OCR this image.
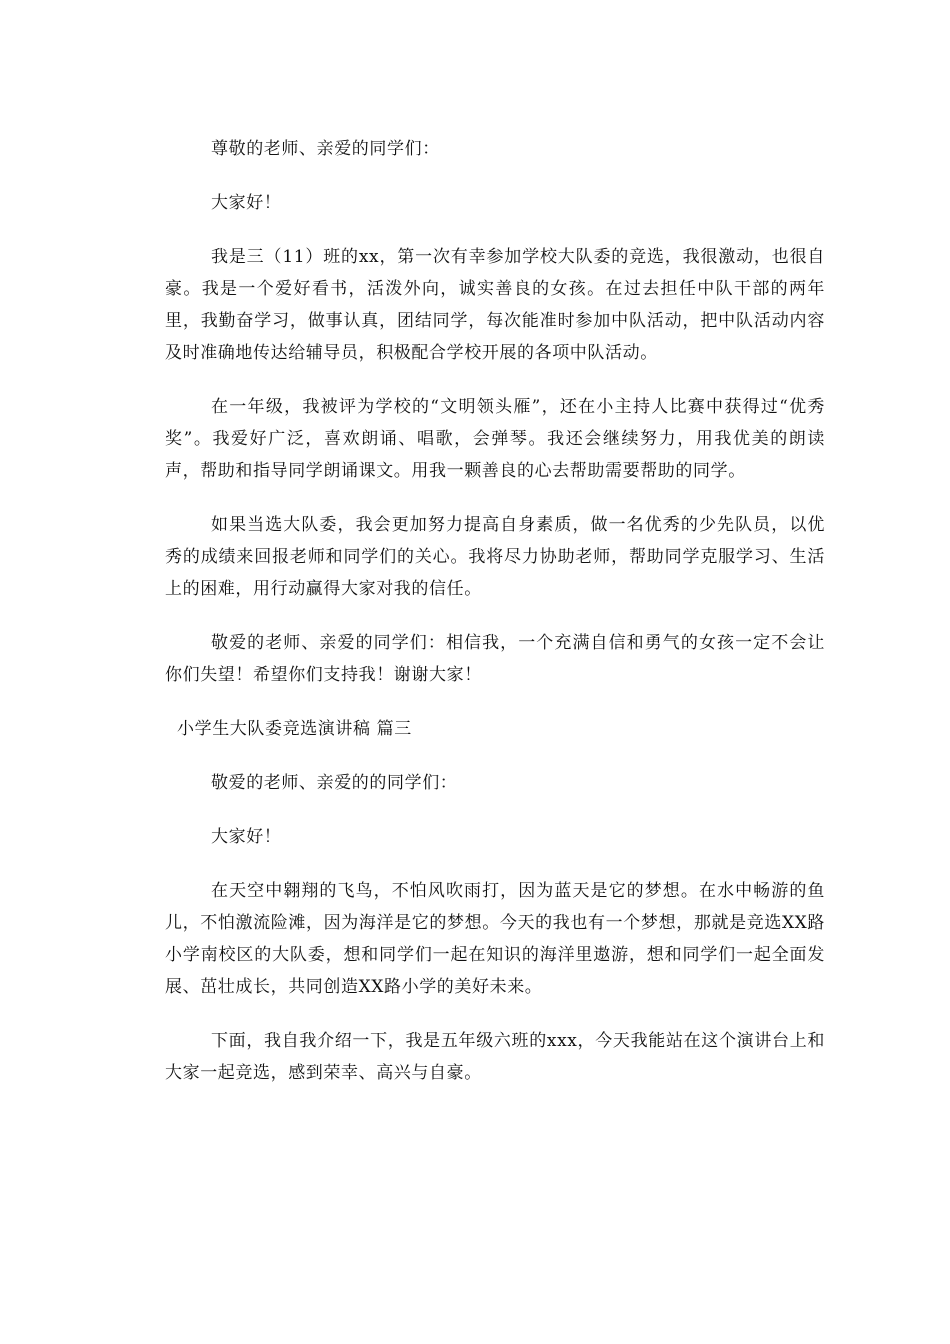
尊敬的老师、亲爱的同学们：

大家好！

我是三（11）班的xx，第一次有幸参加学校大队委的竞选，我很激动，也很自豪。我是一个爱好看书，活泼外向，诚实善良的女孩。在过去担任中队干部的两年里，我勤奋学习，做事认真，团结同学，每次能准时参加中队活动，把中队活动内容及时准确地传达给辅导员，积极配合学校开展的各项中队活动。

在一年级，我被评为学校的“文明领头雁”，还在小主持人比赛中获得过“优秀奖”。我爱好广泛，喜欢朗诵、唱歌，会弹琴。我还会继续努力，用我优美的朗读声，帮助和指导同学朗诵课文。用我一颗善良的心去帮助需要帮助的同学。

如果当选大队委，我会更加努力提高自身素质，做一名优秀的少先队员，以优秀的成绩来回报老师和同学们的关心。我将尽力协助老师，帮助同学克服学习、生活上的困难，用行动赢得大家对我的信任。

敬爱的老师、亲爱的同学们：相信我，一个充满自信和勇气的女孩一定不会让你们失望！希望你们支持我！谢谢大家！

小学生大队委竞选演讲稿 篇三

敬爱的老师、亲爱的的同学们：

大家好！

在天空中翱翔的飞鸟，不怕风吹雨打，因为蓝天是它的梦想。在水中畅游的鱼儿，不怕激流险滩，因为海洋是它的梦想。今天的我也有一个梦想，那就是竞选XX路小学南校区的大队委，想和同学们一起在知识的海洋里遨游，想和同学们一起全面发展、茁壮成长，共同创造XX路小学的美好未来。

下面，我自我介绍一下，我是五年级六班的xxx，今天我能站在这个演讲台上和大家一起竞选，感到荣幸、高兴与自豪。
